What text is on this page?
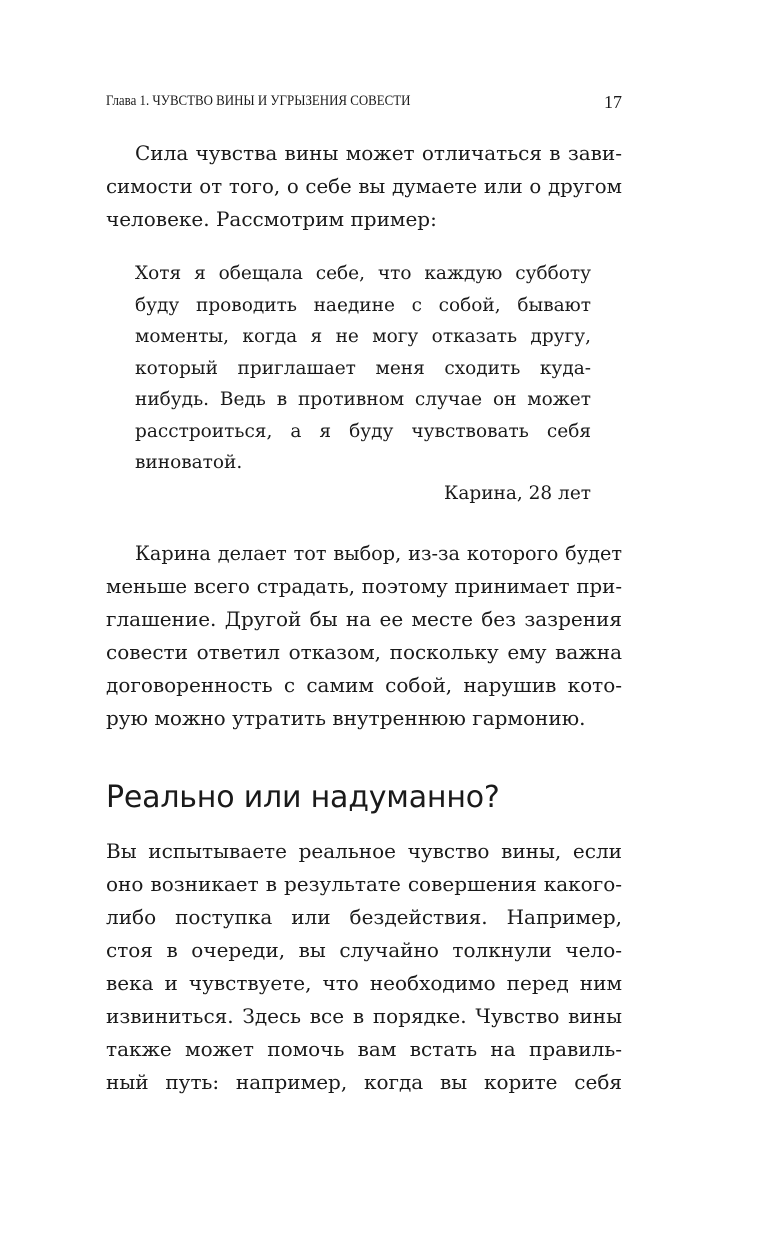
Глава 1. ЧУВСТВО ВИНЫ И УГРЫЗЕНИЯ СОВЕСТИ	17
Сила чувства вины может отличаться в зави-
симости от того, о себе вы думаете или о другом
человеке. Рассмотрим пример:
Хотя я обещала себе, что каждую субботу
буду проводить наедине с собой, бывают
моменты, когда я не могу отказать другу,
который приглашает меня сходить куда-
нибудь. Ведь в противном случае он может
расстроиться, а я буду чувствовать себя
виноватой.
Карина, 28 лет
Карина делает тот выбор, из-за которого будет
меньше всего страдать, поэтому принимает при-
глашение. Другой бы на ее месте без зазрения
совести ответил отказом, поскольку ему важна
договоренность с самим собой, нарушив кото-
рую можно утратить внутреннюю гармонию.
Реально или надуманно?
Вы испытываете реальное чувство вины, если
оно возникает в результате совершения какого-
либо поступка или бездействия. Например,
стоя в очереди, вы случайно толкнули чело-
века и чувствуете, что необходимо перед ним
извиниться. Здесь все в порядке. Чувство вины
также может помочь вам встать на правиль-
ный путь: например, когда вы корите себя
